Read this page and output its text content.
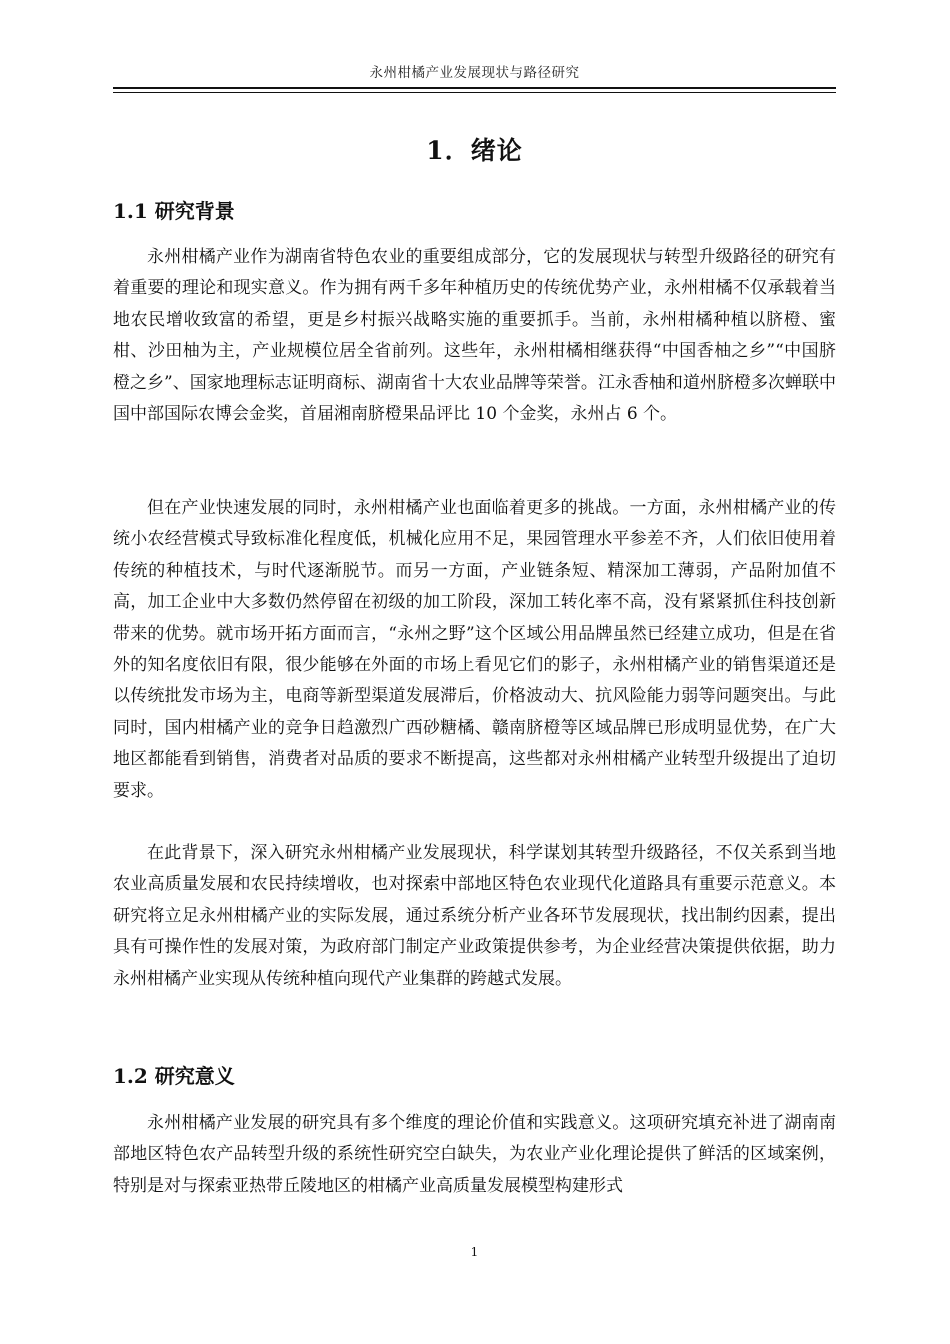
永州柑橘产业发展现状与路径研究
1．绪论
1.1 研究背景

永州柑橘产业作为湖南省特色农业的重要组成部分，它的发展现状与转型升级路径的研究有着重要的理论和现实意义。作为拥有两千多年种植历史的传统优势产业，永州柑橘不仅承载着当地农民增收致富的希望，更是乡村振兴战略实施的重要抓手。当前，永州柑橘种植以脐橙、蜜柑、沙田柚为主，产业规模位居全省前列。这些年，永州柑橘相继获得“中国香柚之乡”“中国脐橙之乡”、国家地理标志证明商标、湖南省十大农业品牌等荣誉。江永香柚和道州脐橙多次蝉联中国中部国际农博会金奖，首届湘南脐橙果品评比 10 个金奖，永州占 6 个。

但在产业快速发展的同时，永州柑橘产业也面临着更多的挑战。一方面，永州柑橘产业的传统小农经营模式导致标准化程度低，机械化应用不足，果园管理水平参差不齐，人们依旧使用着传统的种植技术，与时代逐渐脱节。而另一方面，产业链条短、精深加工薄弱，产品附加值不高，加工企业中大多数仍然停留在初级的加工阶段，深加工转化率不高，没有紧紧抓住科技创新带来的优势。就市场开拓方面而言，“永州之野”这个区域公用品牌虽然已经建立成功，但是在省外的知名度依旧有限，很少能够在外面的市场上看见它们的影子，永州柑橘产业的销售渠道还是以传统批发市场为主，电商等新型渠道发展滞后，价格波动大、抗风险能力弱等问题突出。与此同时，国内柑橘产业的竞争日趋激烈广西砂糖橘、赣南脐橙等区域品牌已形成明显优势，在广大地区都能看到销售，消费者对品质的要求不断提高，这些都对永州柑橘产业转型升级提出了迫切要求。

在此背景下，深入研究永州柑橘产业发展现状，科学谋划其转型升级路径，不仅关系到当地农业高质量发展和农民持续增收，也对探索中部地区特色农业现代化道路具有重要示范意义。本研究将立足永州柑橘产业的实际发展，通过系统分析产业各环节发展现状，找出制约因素，提出具有可操作性的发展对策，为政府部门制定产业政策提供参考，为企业经营决策提供依据，助力永州柑橘产业实现从传统种植向现代产业集群的跨越式发展。

1.2 研究意义

永州柑橘产业发展的研究具有多个维度的理论价值和实践意义。这项研究填充补进了湖南南部地区特色农产品转型升级的系统性研究空白缺失，为农业产业化理论提供了鲜活的区域案例，特别是对与探索亚热带丘陵地区的柑橘产业高质量发展模型构建形式

1
